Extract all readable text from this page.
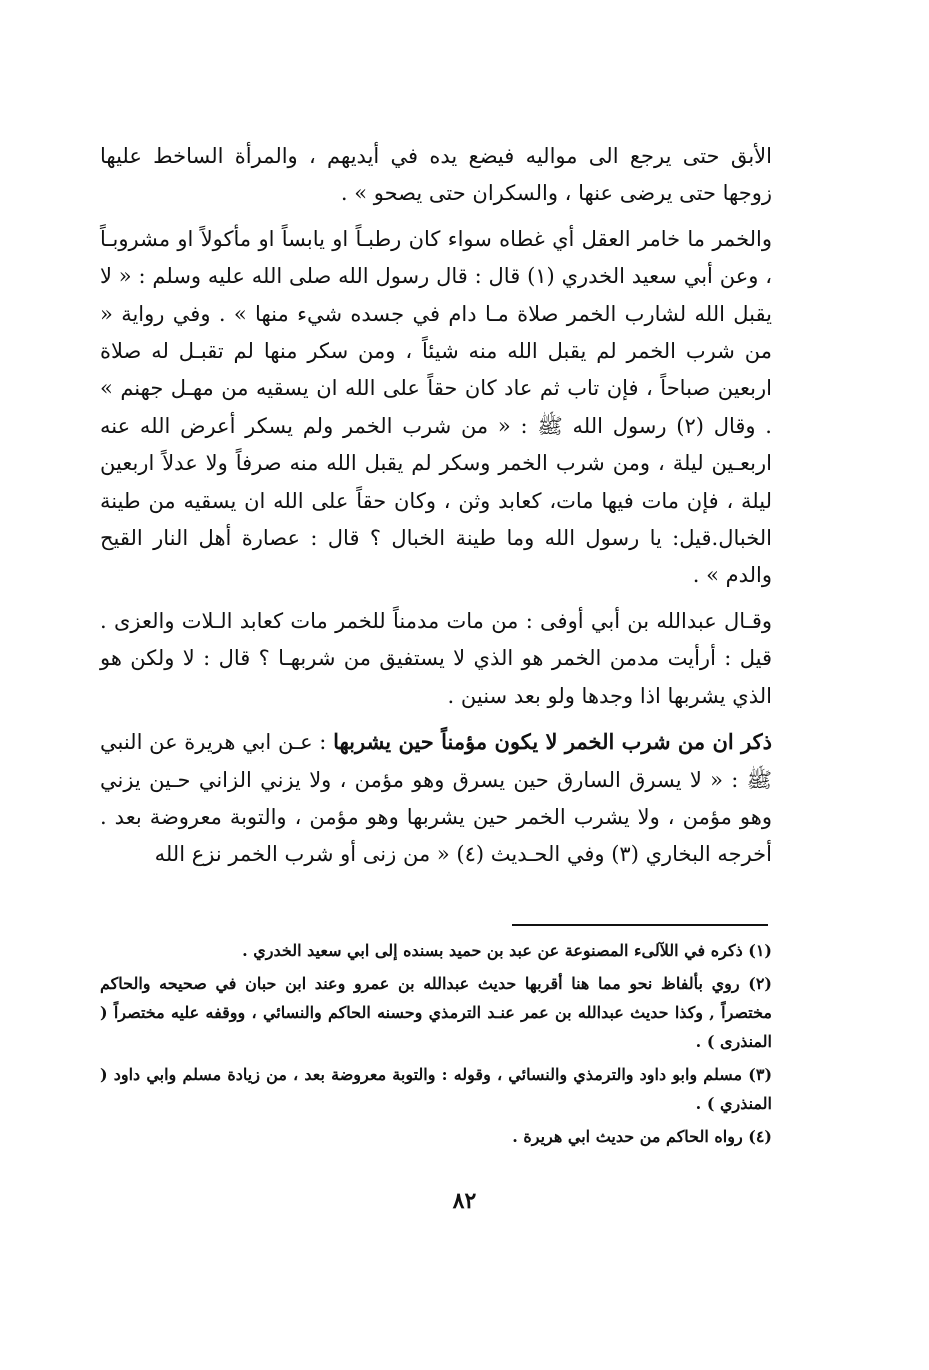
الأبق حتى يرجع الى مواليه فيضع يده في أيديهم ، والمرأة الساخط عليها زوجها حتى يرضى عنها ، والسكران حتى يصحو » .

والخمر ما خامر العقل أي غطاه سواء كان رطبـاً او يابساً او مأكولاً او مشروبـاً ، وعن أبي سعيد الخدري (١) قال : قال رسول الله صلى الله عليه وسلم : « لا يقبل الله لشارب الخمر صلاة مـا دام في جسده شيء منها » . وفي رواية « من شرب الخمر لم يقبل الله منه شيئاً ، ومن سكر منها لم تقبـل له صلاة اربعين صباحاً ، فإن تاب ثم عاد كان حقاً على الله ان يسقيه من مهـل جهنم » . وقال (٢) رسول الله ﷺ : « من شرب الخمر ولم يسكر أعرض الله عنه اربعـين ليلة ، ومن شرب الخمر وسكر لم يقبل الله منه صرفاً ولا عدلاً اربعين ليلة ، فإن مات فيها مات، كعابد وثن ، وكان حقاً على الله ان يسقيه من طينة الخبال.قيل: يا رسول الله وما طينة الخبال ؟ قال : عصارة أهل النار القيح والدم » .

وقـال عبدالله بن أبي أوفى : من مات مدمناً للخمر مات كعابد الـلات والعزى . قيل : أرأيت مدمن الخمر هو الذي لا يستفيق من شربهـا ؟ قال : لا ولكن هو الذي يشربها اذا وجدها ولو بعد سنين .

ذكر ان من شرب الخمر لا يكون مؤمناً حين يشربها : عـن ابي هريرة عن النبي ﷺ : « لا يسرق السارق حين يسرق وهو مؤمن ، ولا يزني الزاني حـين يزني وهو مؤمن ، ولا يشرب الخمر حين يشربها وهو مؤمن ، والتوبة معروضة بعد . أخرجه البخاري (٣) وفي الحـديث (٤) « من زنى أو شرب الخمر نزع الله

(١) ذكره في اللآلىء المصنوعة عن عبد بن حميد بسنده إلى ابي سعيد الخدري .

(٢) روي بألفاظ نحو مما هنا أقربها حديث عبدالله بن عمرو وعند ابن حبان في صحيحه والحاكم مختصراً , وكذا حديث عبدالله بن عمر عنـد الترمذي وحسنه الحاكم والنسائي ، ووقفه عليه مختصراً ( المنذرى ) .

(٣) مسلم وابو داود والترمذي والنسائي ، وقوله : والتوبة معروضة بعد ، من زيادة مسلم وابي داود ( المنذري ) .

(٤) رواه الحاكم من حديث ابي هريرة .

٨٢
